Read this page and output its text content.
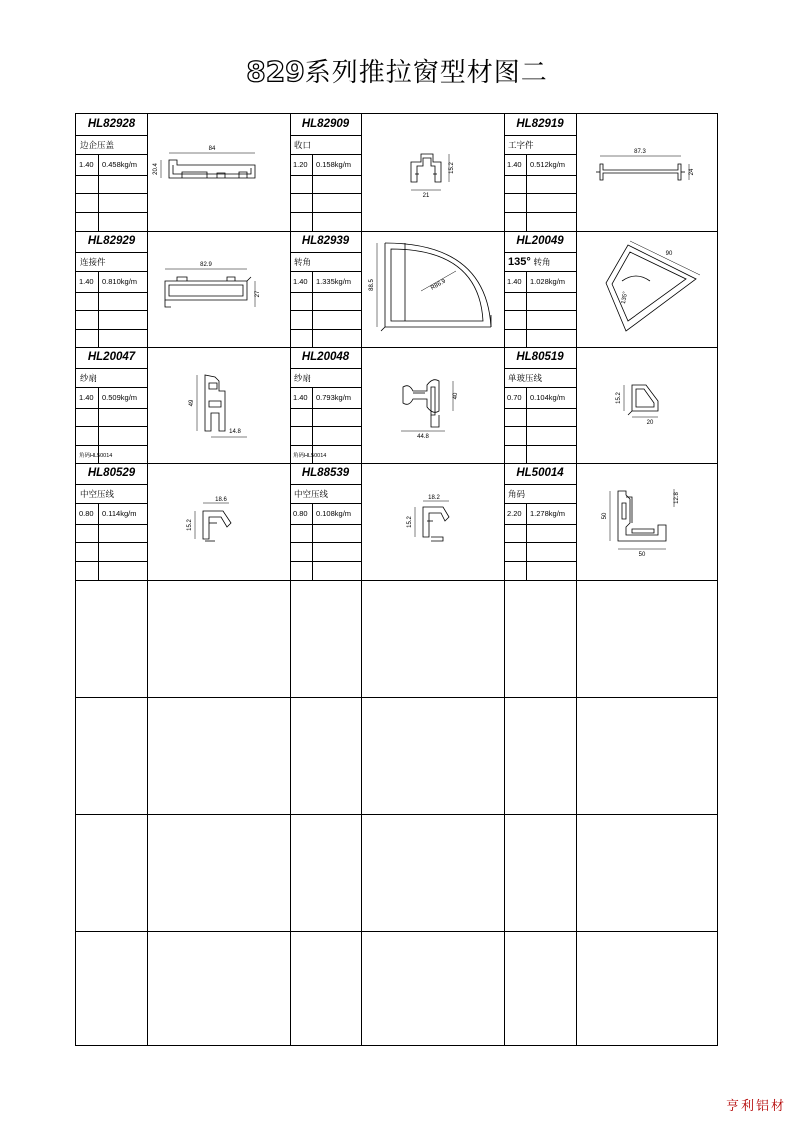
829系列推拉窗型材图二
HL82928
边企压盖
1.40 0.458kg/m
84
20.4
HL82909
收口
1.20 0.158kg/m
21
15.2
HL82919
工字件
1.40 0.512kg/m
87.3
24
HL82929
连接件
1.40 0.810kg/m
82.9
27
HL82939
转角
1.40 1.335kg/m	88.5	R86.9
HL20049
135° 转角
1.40 1.028kg/m
90
135°
HL20047
纱扇
1.40 0.509kg/m
角码HL50014
49
14.8
HL20048
纱扇
1.40 0.793kg/m
角码HL50014
44.8
40
HL80519
单玻压线
0.70 0.104kg/m
20
15.2
HL80529
中空压线
0.80 0.114kg/m
18.6
15.2
HL88539
中空压线
0.80 0.108kg/m
18.2
15.2
HL50014
角码
2.20 1.278kg/m	50
50
12.8
亨利铝材
